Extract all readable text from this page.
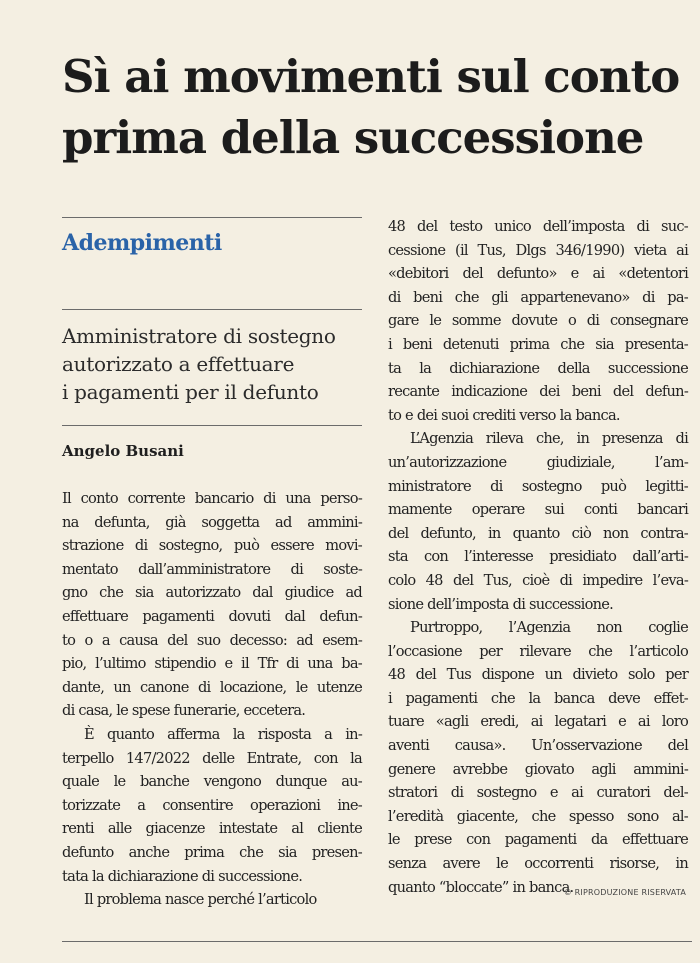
Sì ai movimenti sul conto
prima della successione
Adempimenti
Amministratore di sostegno
autorizzato a effettuare
i pagamenti per il defunto
Angelo Busani

Il conto corrente bancario di una perso-
na defunta, già soggetta ad ammini-
strazione di sostegno, può essere movi-
mentato dall’amministratore di soste-
gno che sia autorizzato dal giudice ad
effettuare pagamenti dovuti dal defun-
to o a causa del suo decesso: ad esem-
pio, l’ultimo stipendio e il Tfr di una ba-
dante, un canone di locazione, le utenze
di casa, le spese funerarie, eccetera.

È quanto afferma la risposta a in-
terpello 147/2022 delle Entrate, con la
quale le banche vengono dunque au-
torizzate a consentire operazioni ine-
renti alle giacenze intestate al cliente
defunto anche prima che sia presen-
tata la dichiarazione di successione.

Il problema nasce perché l’articolo

48 del testo unico dell’imposta di suc-
cessione (il Tus, Dlgs 346/1990) vieta ai
«debitori del defunto» e ai «detentori
di beni che gli appartenevano» di pa-
gare le somme dovute o di consegnare
i beni detenuti prima che sia presenta-
ta la dichiarazione della successione
recante indicazione dei beni del defun-
to e dei suoi crediti verso la banca.

L’Agenzia rileva che, in presenza di
un’autorizzazione giudiziale, l’am-
ministratore di sostegno può legitti-
mamente operare sui conti bancari
del defunto, in quanto ciò non contra-
sta con l’interesse presidiato dall’arti-
colo 48 del Tus, cioè di impedire l’eva-
sione dell’imposta di successione.

Purtroppo, l’Agenzia non coglie
l’occasione per rilevare che l’articolo
48 del Tus dispone un divieto solo per
i pagamenti che la banca deve effet-
tuare «agli eredi, ai legatari e ai loro
aventi causa». Un’osservazione del
genere avrebbe giovato agli ammini-
stratori di sostegno e ai curatori del-
l’eredità giacente, che spesso sono al-
le prese con pagamenti da effettuare
senza avere le occorrenti risorse, in
quanto “bloccate” in banca.

© RIPRODUZIONE RISERVATA
